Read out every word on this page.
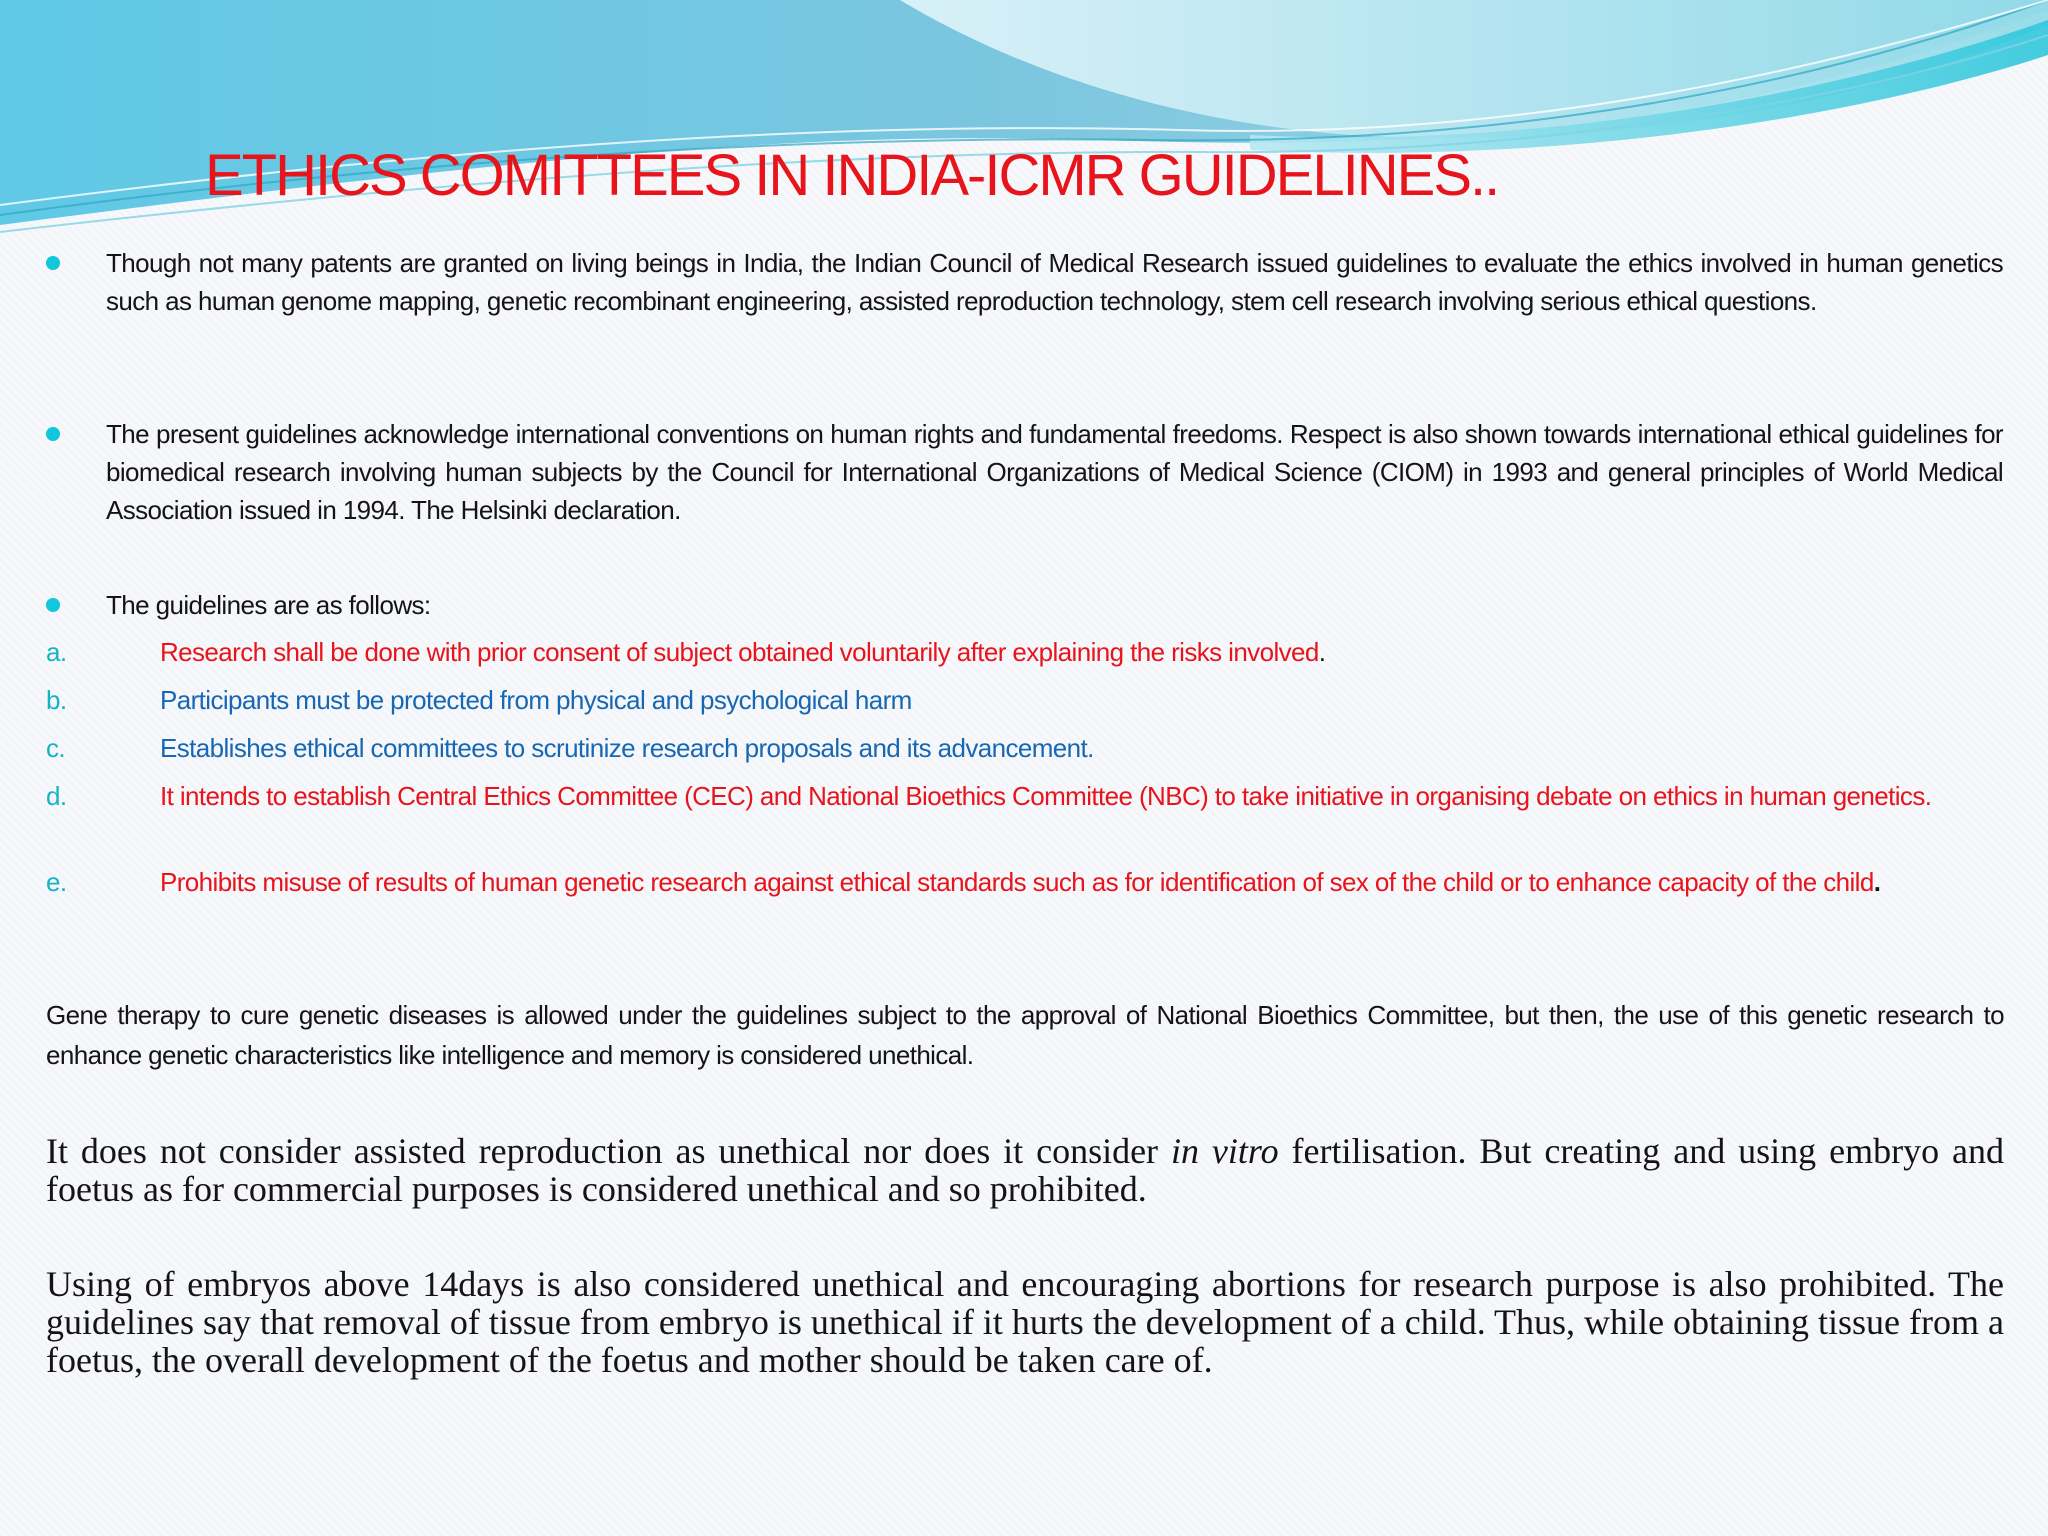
ETHICS COMITTEES IN INDIA-ICMR GUIDELINES..
Though not many patents are granted on living beings in India, the Indian Council of Medical Research issued guidelines to evaluate the ethics involved in human genetics such as human genome mapping, genetic recombinant engineering, assisted reproduction technology, stem cell research involving serious ethical questions.
The present guidelines acknowledge international conventions on human rights and fundamental freedoms. Respect is also shown towards international ethical guidelines for biomedical research involving human subjects by the Council for International Organizations of Medical Science (CIOM) in 1993 and general principles of World Medical Association issued in 1994. The Helsinki declaration.
The guidelines are as follows:
a.	Research shall be done with prior consent of subject obtained voluntarily after explaining the risks involved.
b.	Participants must be protected from physical and psychological harm
c.	Establishes ethical committees to scrutinize research proposals and its advancement.
d.	It intends to establish Central Ethics Committee (CEC) and National Bioethics Committee (NBC) to take initiative in organising debate on ethics in human genetics.
e.	Prohibits misuse of results of human genetic research against ethical standards such as for identification of sex of the child or to enhance capacity of the child.
Gene therapy to cure genetic diseases is allowed under the guidelines subject to the approval of National Bioethics Committee, but then, the use of this genetic research to enhance genetic characteristics like intelligence and memory is considered unethical.
It does not consider assisted reproduction as unethical nor does it consider in vitro fertilisation. But creating and using embryo and foetus as for commercial purposes is considered unethical and so prohibited.
Using of embryos above 14days is also considered unethical and encouraging abortions for research purpose is also prohibited. The guidelines say that removal of tissue from embryo is unethical if it hurts the development of a child. Thus, while obtaining tissue from a foetus, the overall development of the foetus and mother should be taken care of.
